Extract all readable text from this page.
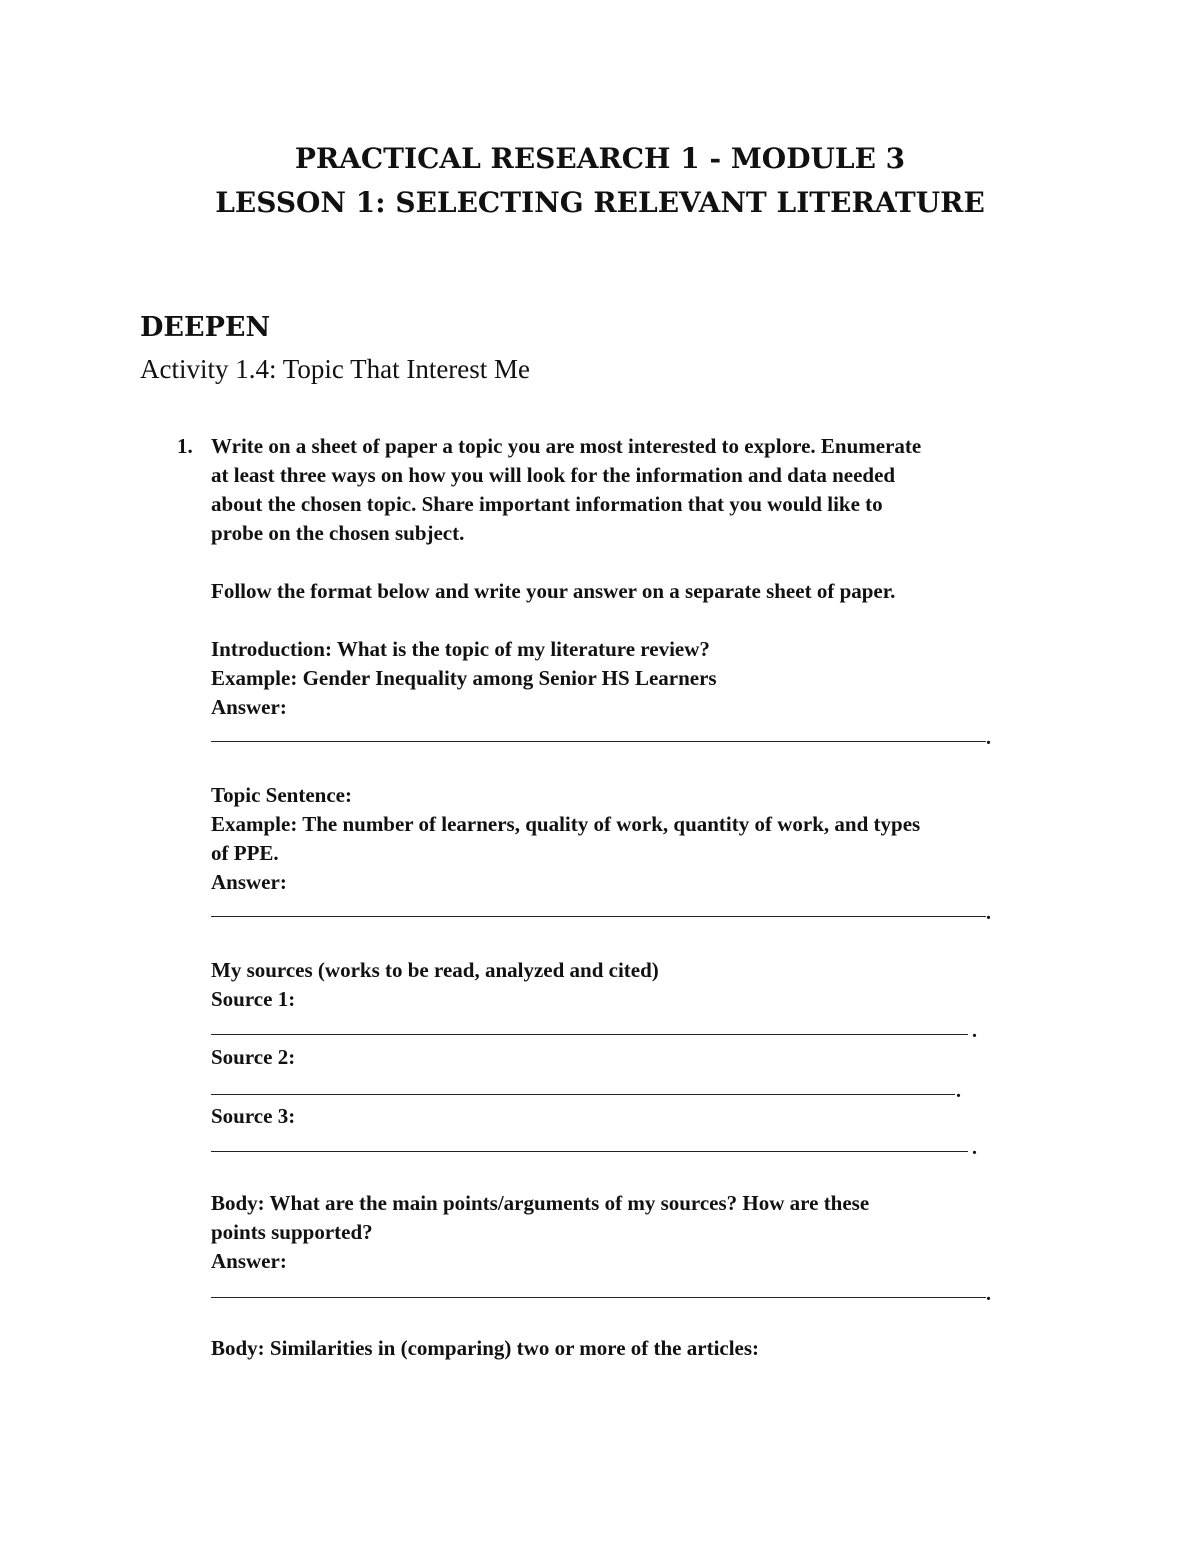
PRACTICAL RESEARCH 1 - MODULE 3
LESSON 1: SELECTING RELEVANT LITERATURE
DEEPEN
Activity 1.4: Topic That Interest Me
1. Write on a sheet of paper a topic you are most interested to explore. Enumerate
at least three ways on how you will look for the information and data needed
about the chosen topic. Share important information that you would like to
probe on the chosen subject.
Follow the format below and write your answer on a separate sheet of paper.
Introduction: What is the topic of my literature review?
Example: Gender Inequality among Senior HS Learners
Answer:
.
Topic Sentence:
Example: The number of learners, quality of work, quantity of work, and types
of PPE.
Answer:
.
My sources (works to be read, analyzed and cited)
Source 1:
.
Source 2:
.
Source 3:
.
Body: What are the main points/arguments of my sources? How are these
points supported?
Answer:
.
Body: Similarities in (comparing) two or more of the articles:
